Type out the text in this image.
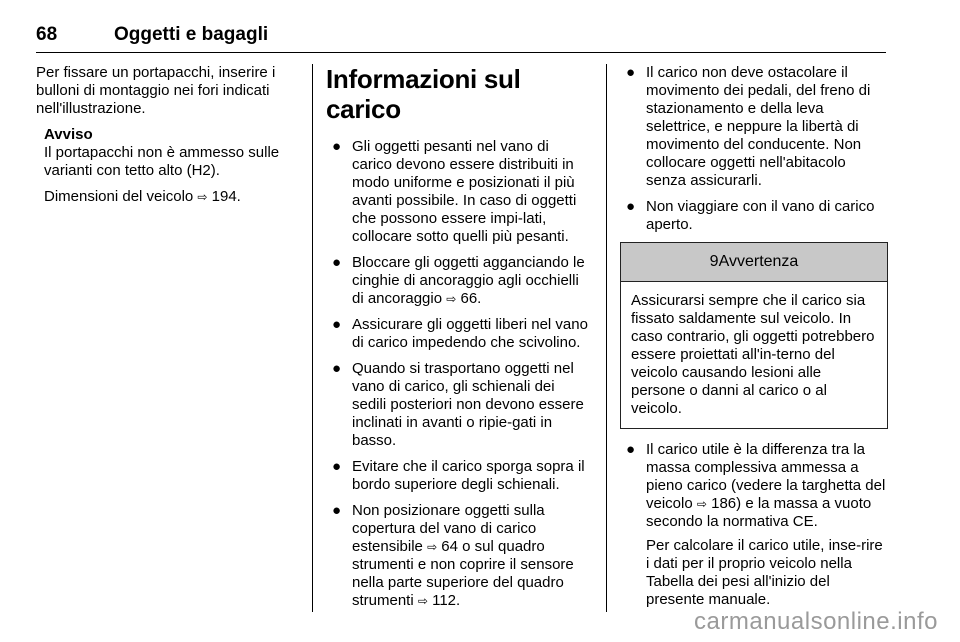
68	Oggetti e bagagli

Per fissare un portapacchi, inserire i bulloni di montaggio nei fori indicati nell'illustrazione.

Avviso

Il portapacchi non è ammesso sulle varianti con tetto alto (H2).

Dimensioni del veicolo ⇨ 194.

Informazioni sul carico
● Gli oggetti pesanti nel vano di carico devono essere distribuiti in modo uniforme e posizionati il più avanti possibile. In caso di oggetti che possono essere impi-lati, collocare sotto quelli più pesanti.
● Bloccare gli oggetti agganciando le cinghie di ancoraggio agli occhielli di ancoraggio ⇨ 66.
● Assicurare gli oggetti liberi nel vano di carico impedendo che scivolino.
● Quando si trasportano oggetti nel vano di carico, gli schienali dei sedili posteriori non devono essere inclinati in avanti o ripie-gati in basso.
● Evitare che il carico sporga sopra il bordo superiore degli schienali.
● Non posizionare oggetti sulla copertura del vano di carico estensibile ⇨ 64 o sul quadro strumenti e non coprire il sensore nella parte superiore del quadro strumenti ⇨ 112.
● Il carico non deve ostacolare il movimento dei pedali, del freno di stazionamento e della leva selettrice, e neppure la libertà di movimento del conducente. Non collocare oggetti nell'abitacolo senza assicurarli.
● Non viaggiare con il vano di carico aperto.
9 Avvertenza
Assicurarsi sempre che il carico sia fissato saldamente sul veicolo. In caso contrario, gli oggetti potrebbero essere proiettati all'in-terno del veicolo causando lesioni alle persone o danni al carico o al veicolo.
● Il carico utile è la differenza tra la massa complessiva ammessa a pieno carico (vedere la targhetta del veicolo ⇨ 186) e la massa a vuoto secondo la normativa CE.
Per calcolare il carico utile, inse-rire i dati per il proprio veicolo nella Tabella dei pesi all'inizio del presente manuale.
carmanualsonline.info
